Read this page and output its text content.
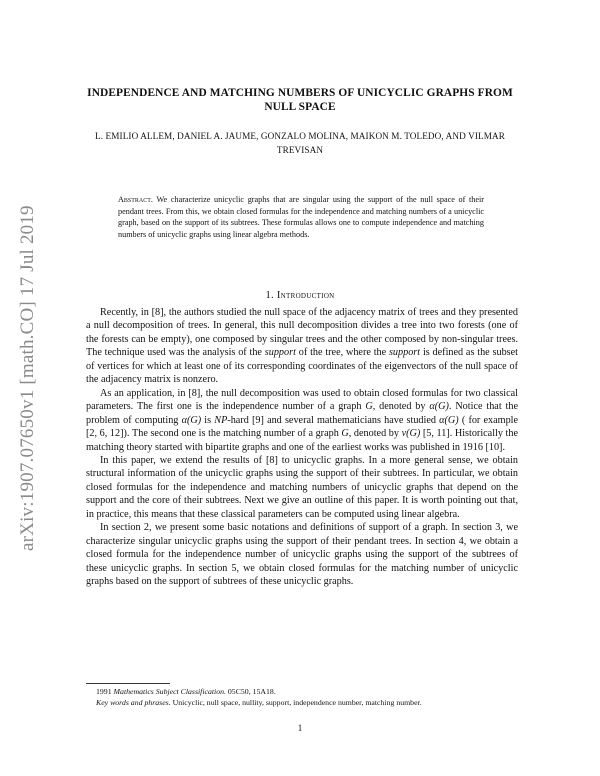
arXiv:1907.07650v1 [math.CO] 17 Jul 2019
INDEPENDENCE AND MATCHING NUMBERS OF UNICYCLIC GRAPHS FROM NULL SPACE
L. EMILIO ALLEM, DANIEL A. JAUME, GONZALO MOLINA, MAIKON M. TOLEDO, AND VILMAR TREVISAN
Abstract. We characterize unicyclic graphs that are singular using the support of the null space of their pendant trees. From this, we obtain closed formulas for the independence and matching numbers of a unicyclic graph, based on the support of its subtrees. These formulas allows one to compute independence and matching numbers of unicyclic graphs using linear algebra methods.
1. Introduction

Recently, in [8], the authors studied the null space of the adjacency matrix of trees and they presented a null decomposition of trees. In general, this null decomposition divides a tree into two forests (one of the forests can be empty), one composed by singular trees and the other composed by non-singular trees. The technique used was the analysis of the support of the tree, where the support is defined as the subset of vertices for which at least one of its corresponding coordinates of the eigenvectors of the null space of the adjacency matrix is nonzero.

As an application, in [8], the null decomposition was used to obtain closed formulas for two classical parameters. The first one is the independence number of a graph G, denoted by α(G). Notice that the problem of computing α(G) is NP-hard [9] and several mathematicians have studied α(G) ( for example [2, 6, 12]). The second one is the matching number of a graph G, denoted by ν(G) [5, 11]. Historically the matching theory started with bipartite graphs and one of the earliest works was published in 1916 [10].

In this paper, we extend the results of [8] to unicyclic graphs. In a more general sense, we obtain structural information of the unicyclic graphs using the support of their subtrees. In particular, we obtain closed formulas for the independence and matching numbers of unicyclic graphs that depend on the support and the core of their subtrees. Next we give an outline of this paper. It is worth pointing out that, in practice, this means that these classical parameters can be computed using linear algebra.

In section 2, we present some basic notations and definitions of support of a graph. In section 3, we characterize singular unicyclic graphs using the support of their pendant trees. In section 4, we obtain a closed formula for the independence number of unicyclic graphs using the support of the subtrees of these unicyclic graphs. In section 5, we obtain closed formulas for the matching number of unicyclic graphs based on the support of subtrees of these unicyclic graphs.

1991 Mathematics Subject Classification. 05C50, 15A18.

Key words and phrases. Unicyclic, null space, nullity, support, independence number, matching number.

1
